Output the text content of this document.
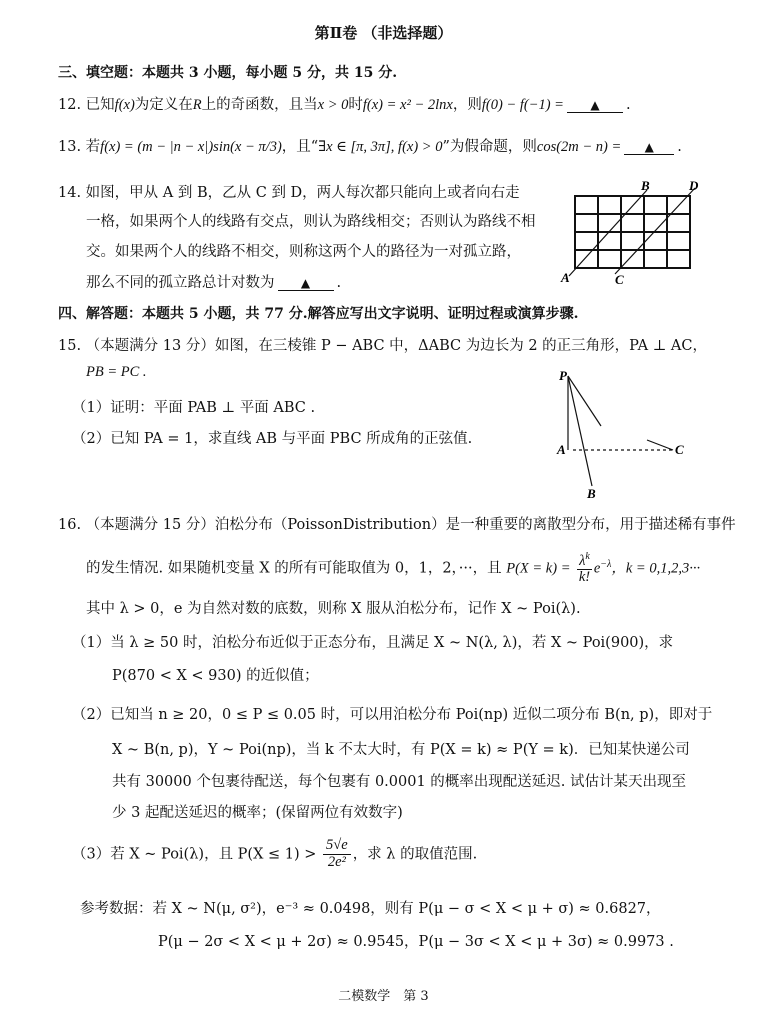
第Ⅱ卷 （非选择题）
三、填空题：本题共 3 小题，每小题 5 分，共 15 分.
12. 已知f(x)为定义在R上的奇函数，且当x > 0时f(x) = x² − 2lnx，则f(0) − f(−1) = ▲ .
13. 若f(x) = (m − |n − x|)sin(x − π/3)，且“∃x ∈ [π, 3π], f(x) > 0”为假命题，则cos(2m − n) = ▲ .
14. 如图，甲从 A 到 B，乙从 C 到 D，两人每次都只能向上或者向右走
一格，如果两个人的线路有交点，则认为路线相交；否则认为路线不相
交。如果两个人的线路不相交，则称这两个人的路径为一对孤立路，
那么不同的孤立路总计对数为 ▲ .	A
B
C
D
四、解答题：本题共 5 小题，共 77 分.解答应写出文字说明、证明过程或演算步骤.
15. （本题满分 13 分）如图，在三棱锥 P − ABC 中，ΔABC 为边长为 2 的正三角形，PA ⊥ AC，
PB = PC .
（1）证明：平面 PAB ⊥ 平面 ABC .
（2）已知 PA = 1，求直线 AB 与平面 PBC 所成角的正弦值.
P
A
B
C
16. （本题满分 15 分）泊松分布（PoissonDistribution）是一种重要的离散型分布，用于描述稀有事件
的发生情况. 如果随机变量 X 的所有可能取值为 0，1，2，···，且 $P(X = k) = \frac{\lambda^k}{k!} e^{-\lambda}$，k = 0,1,2,3···
其中 λ > 0，e 为自然对数的底数，则称 X 服从泊松分布，记作 X ~ Poi(λ).
（1）当 λ ≥ 50 时，泊松分布近似于正态分布，且满足 X ~ N(λ, λ)，若 X ~ Poi(900)，求
P(870 < X < 930) 的近似值；
（2）已知当 n ≥ 20，0 ≤ P ≤ 0.05 时，可以用泊松分布 Poi(np) 近似二项分布 B(n, p)，即对于
X ~ B(n, p)，Y ~ Poi(np)，当 k 不太大时，有 P(X = k) ≈ P(Y = k)．已知某快递公司
共有 30000 个包裹待配送，每个包裹有 0.0001 的概率出现配送延迟. 试估计某天出现至
少 3 起配送延迟的概率；(保留两位有效数字)
（3）若 X ~ Poi(λ)，且 $P(X \le 1) > \frac{5√e}{\text{2e²}}$ ，求 λ 的取值范围.
参考数据：若 X ~ N(μ, σ²)，e⁻³ ≈ 0.0498，则有 P(μ − σ < X < μ + σ) ≈ 0.6827，
P(μ − 2σ < X < μ + 2σ) ≈ 0.9545，P(μ − 3σ < X < μ + 3σ) ≈ 0.9973 .
二模数学　第 3
